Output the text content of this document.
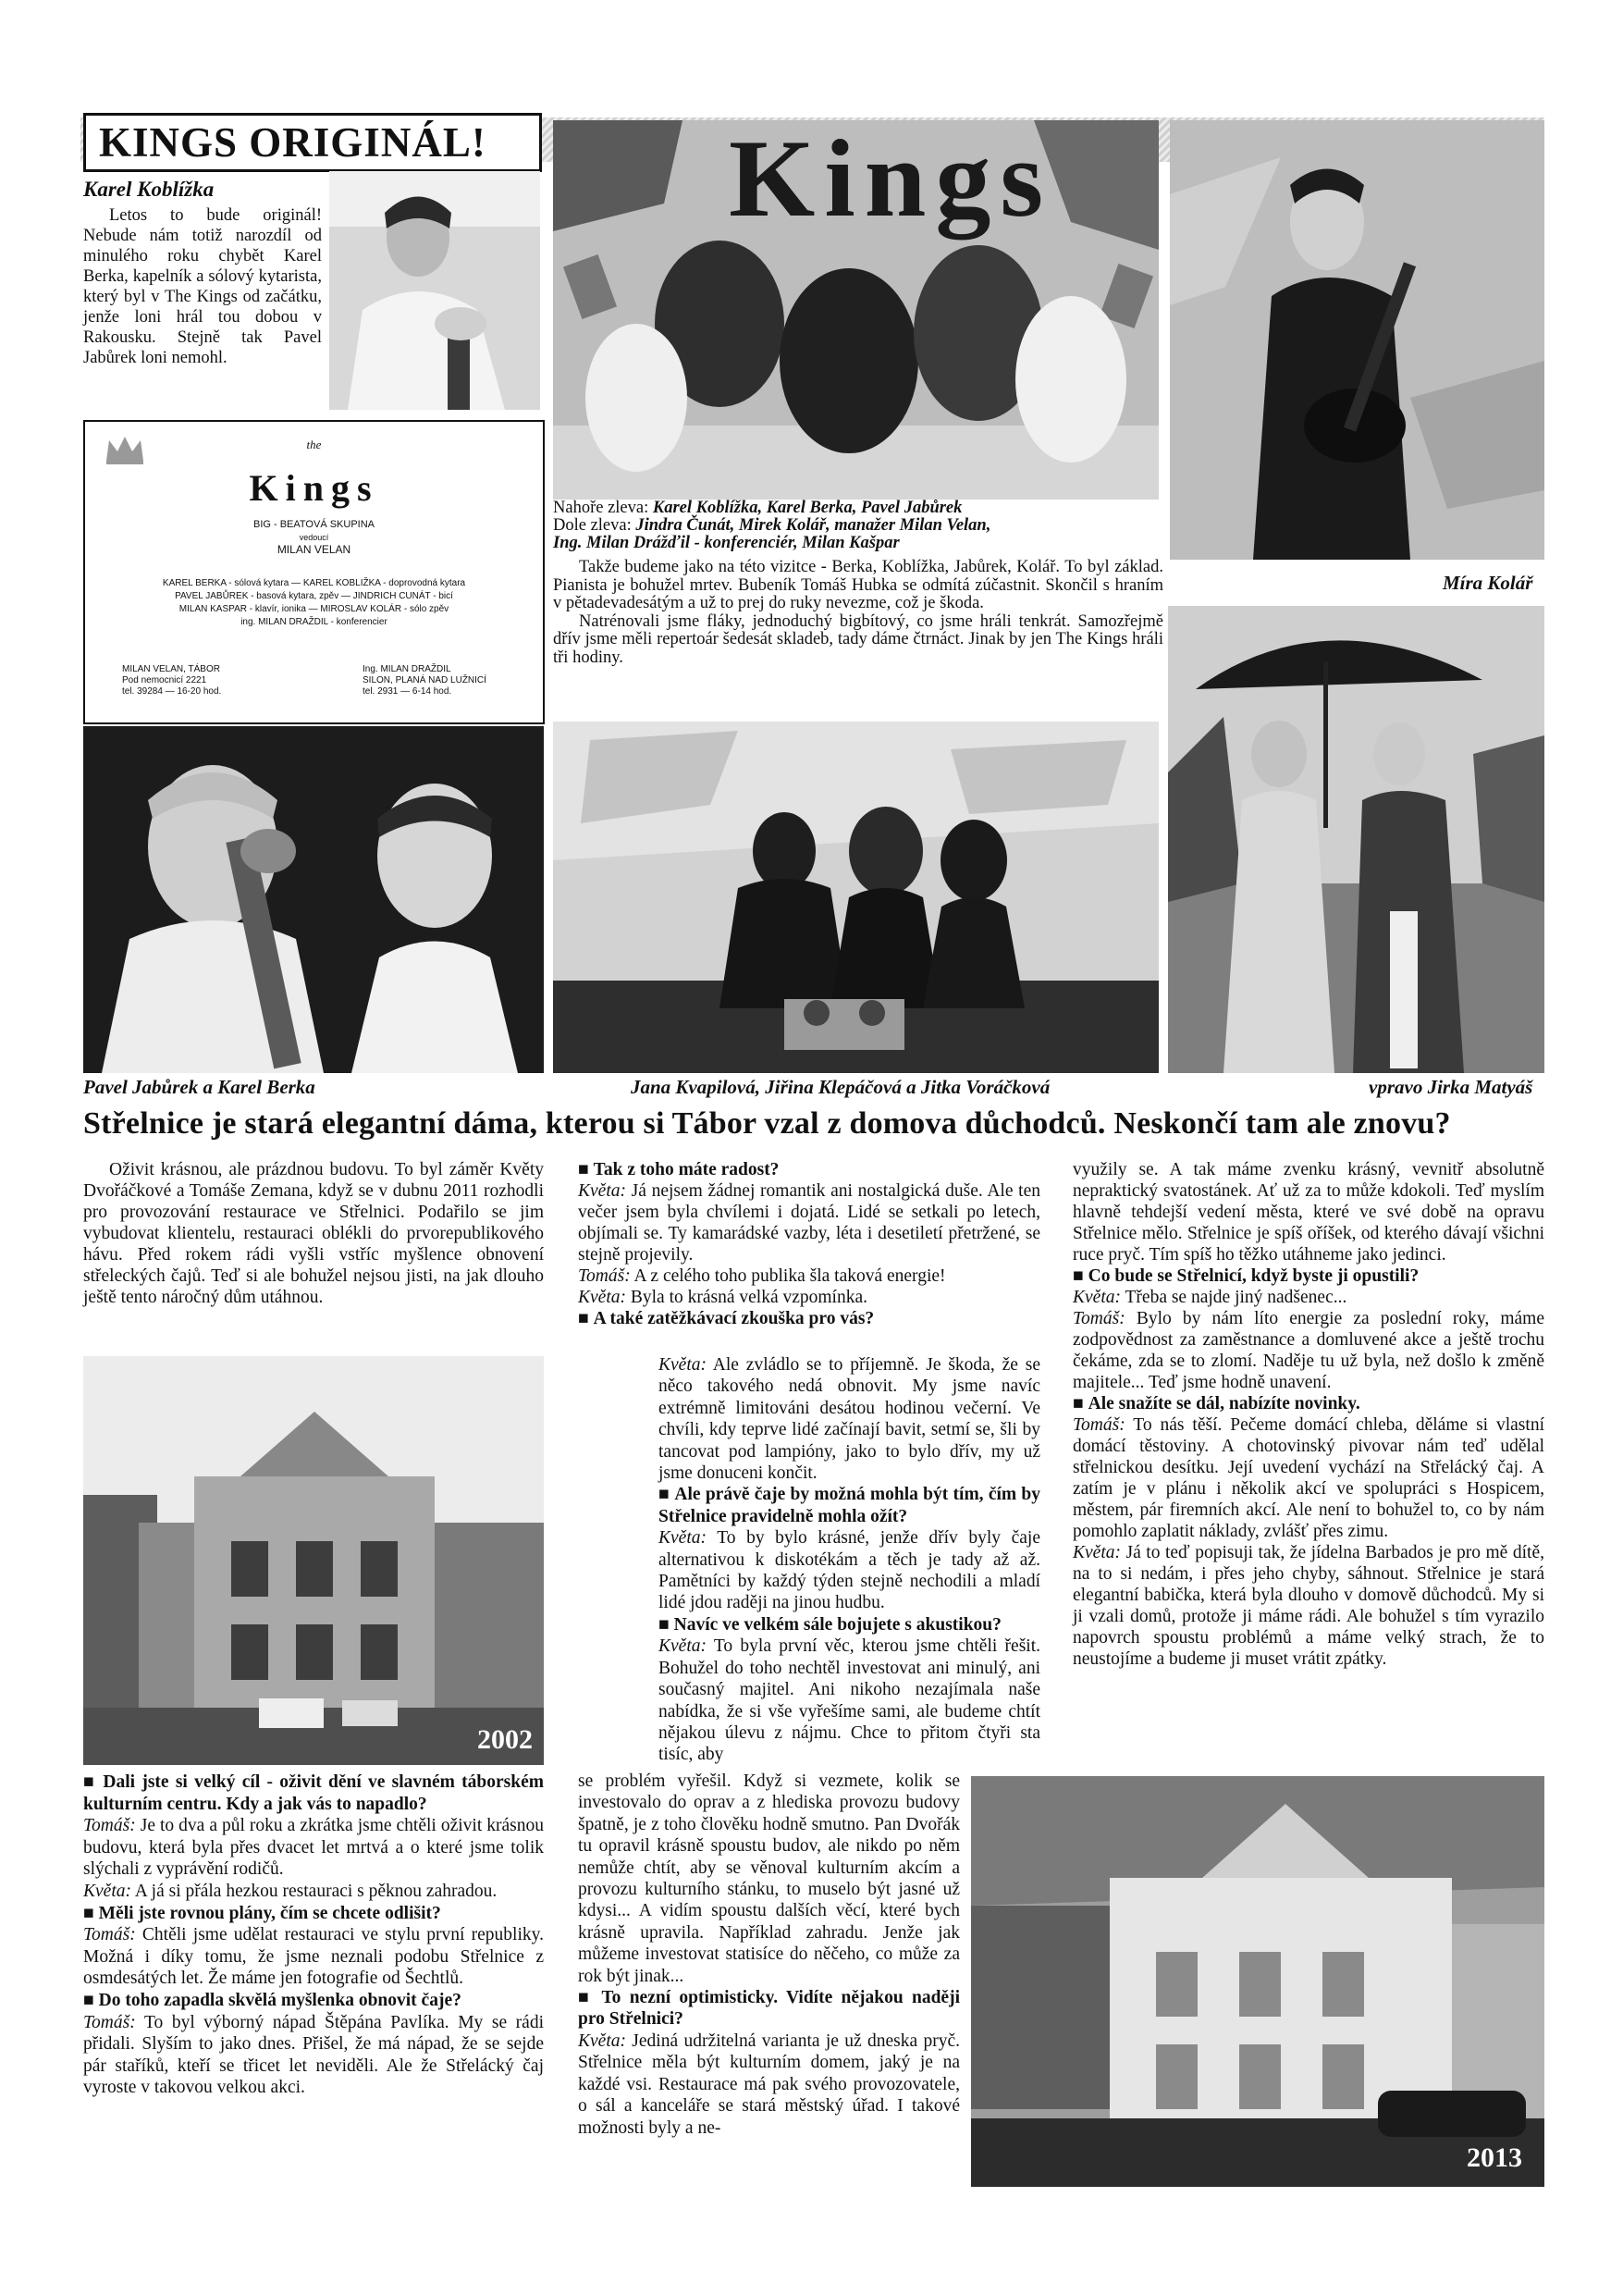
KINGS ORIGINÁL!
Karel Koblížka

Letos to bude originál! Nebude nám totiž narozdíl od minulého roku chybět Karel Berka, kapelník a sólový kytarista, který byl v The Kings od začátku, jenže loni hrál tou dobou v Rakousku. Stejně tak Pavel Jabůrek loni nemohl.

the
Kings
BIG - BEATOVÁ SKUPINA
vedoucí
MILAN VELAN
KAREL BERKA - sólová kytara — KAREL KOBLIŽKA - doprovodná kytara
PAVEL JABŮREK - basová kytara, zpěv — JINDRICH CUNÁT - bicí
MILAN KASPAR - klavír, ionika — MIROSLAV KOLÁR - sólo zpěv
ing. MILAN DRAŽDIL - konferencier
MILAN VELAN, TÁBOR
Pod nemocnicí 2221
tel. 39284 — 16-20 hod.
Ing. MILAN DRAŽDIL
SILON, PLANÁ NAD LUŽNICÍ
tel. 2931 — 6-14 hod.
Kings

Nahoře zleva: Karel Koblížka, Karel Berka, Pavel Jabůrek

Dole zleva: Jindra Čunát, Mirek Kolář, manažer Milan Velan,

Ing. Milan Drážďil - konferenciér, Milan Kašpar

Takže budeme jako na této vizitce - Berka, Koblížka, Jabůrek, Kolář. To byl základ. Pianista je bohužel mrtev. Bubeník Tomáš Hubka se odmítá zúčastnit. Skončil s hraním v pětadevadesátým a už to prej do ruky nevezme, což je škoda.

Natrénovali jsme fláky, jednoduchý bigbítový, co jsme hráli tenkrát. Samozřejmě dřív jsme měli repertoár šedesát skladeb, tady dáme čtrnáct. Jinak by jen The Kings hráli tři hodiny.

Míra Kolář
Pavel Jabůrek a Karel Berka	Jana Kvapilová, Jiřina Klepáčová a Jitka Voráčková	vpravo Jirka Matyáš
Střelnice je stará elegantní dáma, kterou si Tábor vzal z domova důchodců. Neskončí tam ale znovu?

Oživit krásnou, ale prázdnou budovu. To byl záměr Květy Dvořáčkové a Tomáše Zemana, když se v dubnu 2011 rozhodli pro provozování restaurace ve Střelnici. Podařilo se jim vybudovat klientelu, restauraci oblékli do prvorepublikového hávu. Před rokem rádi vyšli vstříc myšlence obnovení střeleckých čajů. Teď si ale bohužel nejsou jisti, na jak dlouho ještě tento náročný dům utáhnou.

2002

■ Dali jste si velký cíl - oživit dění ve slavném táborském kulturním centru. Kdy a jak vás to napadlo?

Tomáš: Je to dva a půl roku a zkrátka jsme chtěli oživit krásnou budovu, která byla přes dvacet let mrtvá a o které jsme tolik slýchali z vyprávění rodičů.

Květa: A já si přála hezkou restauraci s pěknou zahradou.

■ Měli jste rovnou plány, čím se chcete odlišit?

Tomáš: Chtěli jsme udělat restauraci ve stylu první republiky. Možná i díky tomu, že jsme neznali podobu Střelnice z osmdesátých let. Že máme jen fotografie od Šechtlů.

■ Do toho zapadla skvělá myšlenka obnovit čaje?

Tomáš: To byl výborný nápad Štěpána Pavlíka. My se rádi přidali. Slyším to jako dnes. Přišel, že má nápad, že se sejde pár staříků, kteří se třicet let neviděli. Ale že Střelácký čaj vyroste v takovou velkou akci.

■ Tak z toho máte radost?

Květa: Já nejsem žádnej romantik ani nostalgická duše. Ale ten večer jsem byla chvílemi i dojatá. Lidé se setkali po letech, objímali se. Ty kamarádské vazby, léta i desetiletí přetržené, se stejně projevily.

Tomáš: A z celého toho publika šla taková energie!

Květa: Byla to krásná velká vzpomínka.

■ A také zatěžkávací zkouška pro vás?

Květa: Ale zvládlo se to příjemně. Je škoda, že se něco takového nedá obnovit. My jsme navíc extrémně limitováni desátou hodinou večerní. Ve chvíli, kdy teprve lidé začínají bavit, setmí se, šli by tancovat pod lampióny, jako to bylo dřív, my už jsme donuceni končit.

■ Ale právě čaje by možná mohla být tím, čím by Střelnice pravidelně mohla ožít?

Květa: To by bylo krásné, jenže dřív byly čaje alternativou k diskotékám a těch je tady až až. Pamětníci by každý týden stejně nechodili a mladí lidé jdou raději na jinou hudbu.

■ Navíc ve velkém sále bojujete s akustikou?

Květa: To byla první věc, kterou jsme chtěli řešit. Bohužel do toho nechtěl investovat ani minulý, ani současný majitel. Ani nikoho nezajímala naše nabídka, že si vše vyřešíme sami, ale budeme chtít nějakou úlevu z nájmu. Chce to přitom čtyři sta tisíc, aby

se problém vyřešil. Když si vezmete, kolik se investovalo do oprav a z hlediska provozu budovy špatně, je z toho člověku hodně smutno. Pan Dvořák tu opravil krásně spoustu budov, ale nikdo po něm nemůže chtít, aby se věnoval kulturním akcím a provozu kulturního stánku, to muselo být jasné už kdysi... A vidím spoustu dalších věcí, které bych krásně upravila. Například zahradu. Jenže jak můžeme investovat statisíce do něčeho, co může za rok být jinak...

■ To nezní optimisticky. Vidíte nějakou naději pro Střelnici?

Květa: Jediná udržitelná varianta je už dneska pryč. Střelnice měla být kulturním domem, jaký je na každé vsi. Restaurace má pak svého provozovatele, o sál a kanceláře se stará městský úřad. I takové možnosti byly a ne-

využily se. A tak máme zvenku krásný, vevnitř absolutně nepraktický svatostánek. Ať už za to může kdokoli. Teď myslím hlavně tehdejší vedení města, které ve své době na opravu Střelnice mělo. Střelnice je spíš oříšek, od kterého dávají všichni ruce pryč. Tím spíš ho těžko utáhneme jako jedinci.

■ Co bude se Střelnicí, když byste ji opustili?

Květa: Třeba se najde jiný nadšenec...

Tomáš: Bylo by nám líto energie za poslední roky, máme zodpovědnost za zaměstnance a domluvené akce a ještě trochu čekáme, zda se to zlomí. Naděje tu už byla, než došlo k změně majitele... Teď jsme hodně unavení.

■ Ale snažíte se dál, nabízíte novinky.

Tomáš: To nás těší. Pečeme domácí chleba, děláme si vlastní domácí těstoviny. A chotovinský pivovar nám teď udělal střelnickou desítku. Její uvedení vychází na Střelácký čaj. A zatím je v plánu i několik akcí ve spolupráci s Hospicem, městem, pár firemních akcí. Ale není to bohužel to, co by nám pomohlo zaplatit náklady, zvlášť přes zimu.

Květa: Já to teď popisuji tak, že jídelna Barbados je pro mě dítě, na to si nedám, i přes jeho chyby, sáhnout. Střelnice je stará elegantní babička, která byla dlouho v domově důchodců. My si ji vzali domů, protože ji máme rádi. Ale bohužel s tím vyrazilo napovrch spoustu problémů a máme velký strach, že to neustojíme a budeme ji muset vrátit zpátky.

2013
